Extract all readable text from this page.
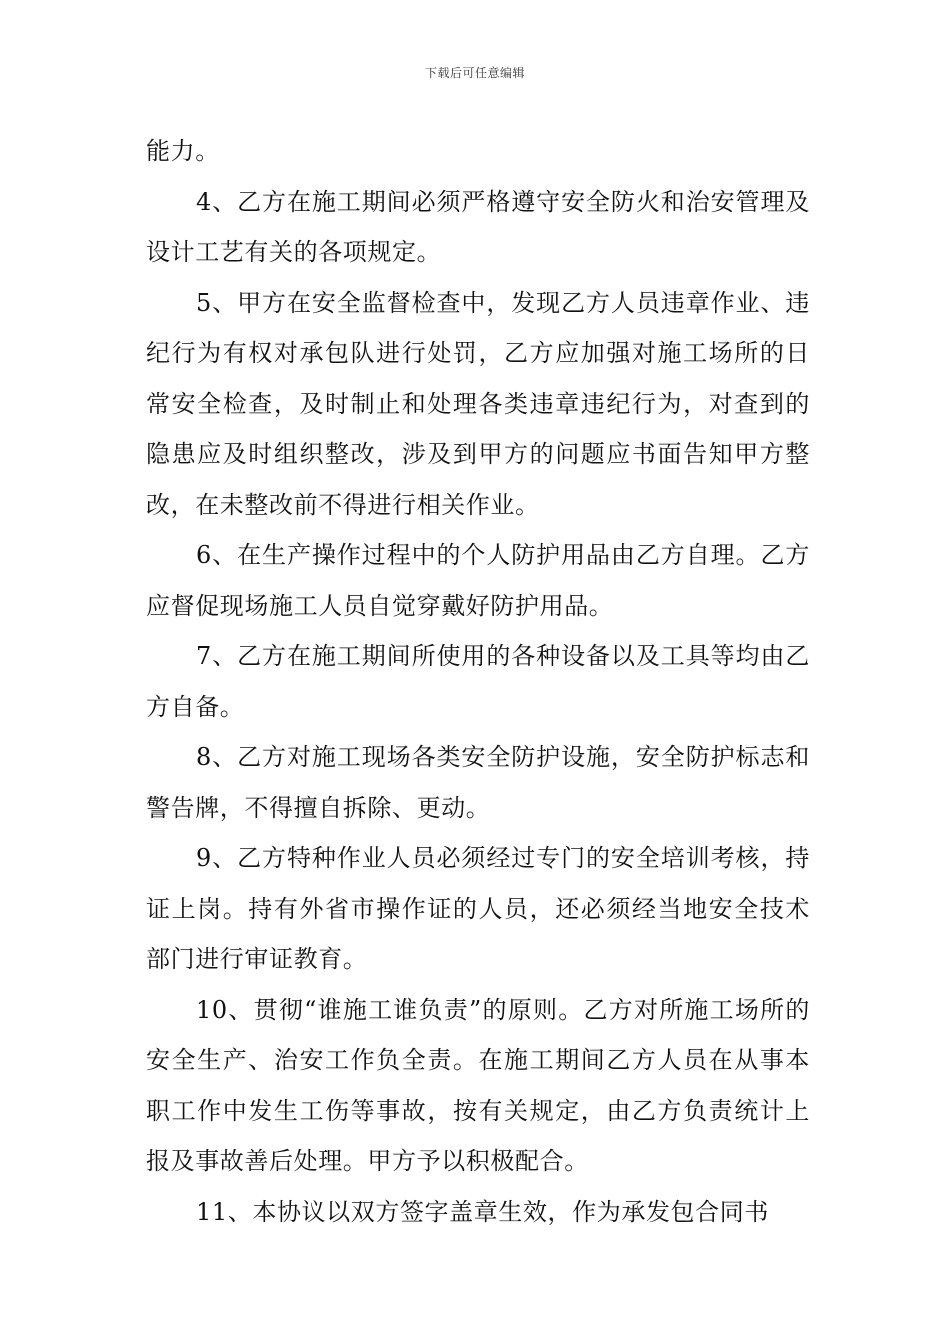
下载后可任意编辑

能力。

4、乙方在施工期间必须严格遵守安全防火和治安管理及设计工艺有关的各项规定。

5、甲方在安全监督检查中，发现乙方人员违章作业、违纪行为有权对承包队进行处罚，乙方应加强对施工场所的日常安全检查，及时制止和处理各类违章违纪行为，对查到的隐患应及时组织整改，涉及到甲方的问题应书面告知甲方整改，在未整改前不得进行相关作业。

6、在生产操作过程中的个人防护用品由乙方自理。乙方应督促现场施工人员自觉穿戴好防护用品。

7、乙方在施工期间所使用的各种设备以及工具等均由乙方自备。

8、乙方对施工现场各类安全防护设施，安全防护标志和警告牌，不得擅自拆除、更动。

9、乙方特种作业人员必须经过专门的安全培训考核，持证上岗。持有外省市操作证的人员，还必须经当地安全技术部门进行审证教育。

10、贯彻“谁施工谁负责”的原则。乙方对所施工场所的安全生产、治安工作负全责。在施工期间乙方人员在从事本职工作中发生工伤等事故，按有关规定，由乙方负责统计上报及事故善后处理。甲方予以积极配合。

11、本协议以双方签字盖章生效，作为承发包合同书
